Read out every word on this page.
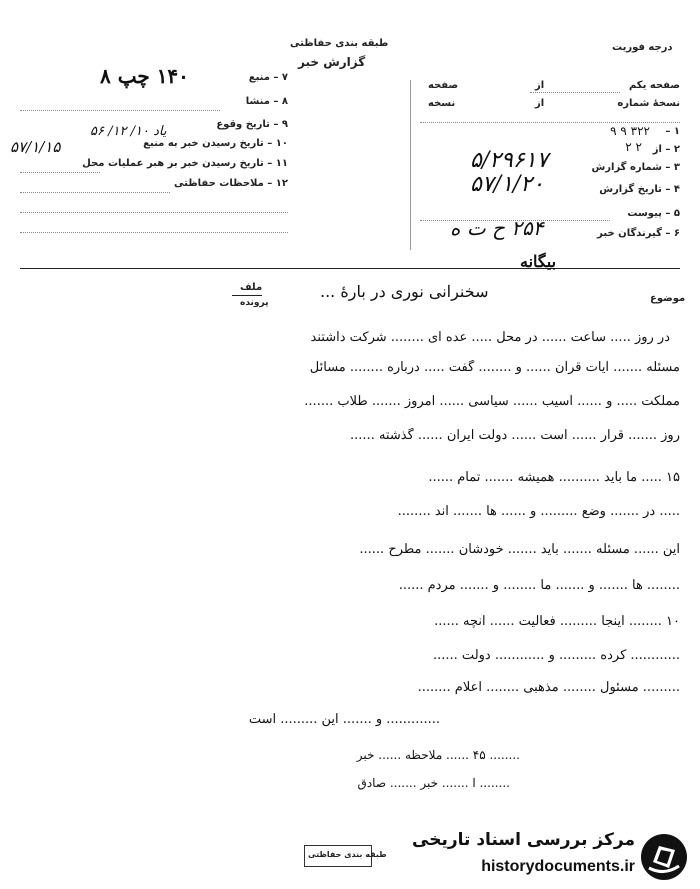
طبقه بندی حفاظتی
گزارش خبر
درجه فوریت
۷ – منبع
۱۴۰ چپ ۸
۸ – منشا
۹ – تاریخ وقوع
یاد ۱۰/ ۱۲/ ۵۶
۱۰ – تاریخ رسیدن خبر به منبع
۵۷/۱/۱۵
۱۱ – تاریخ رسیدن خبر بر هبر عملیات محل
۱۲ – ملاحظات حفاظتی
صفحه یکم
از
صفحه
نسخهٔ شماره
از
نسخه
۱ –
۳۲۲ ۹ ۹
۲ – از
۲ ۲
۳ – شماره گزارش
۵/۲۹۶۱۷
۴ – تاریخ گزارش
۵۷/۱/۲۰
۵ – پیوست
۶ – گیرندگان خبر
۲۵۴ ح ت ه
بیگانه
موضوع
سخنرانی نوری در بارهٔ ...
ملف
پرونده
در روز ..... ساعت ...... در محل ..... عده ای ........ شرکت داشتند
مسئله ....... آیات قرآن ...... و ........ گفت ..... درباره ........ مسائل
مملکت ..... و ...... آسیب ...... سیاسی ...... امروز ....... طلاب .......
روز ....... قرار ...... است ...... دولت ایران ...... گذشته ......
۱۵ ..... ما باید .......... همیشه ....... تمام ......
..... در ....... وضع ......... و ...... ها ....... اند ........
این ...... مسئله ....... باید ....... خودشان ....... مطرح ......
........ ها ....... و ....... ما ........ و ....... مردم ......
۱۰ ........ اینجا ......... فعالیت ...... آنچه ......
............ کرده ......... و ............ دولت ......
......... مسئول ........ مذهبی ........ اعلام ........
............. و ....... این ......... است
........ ۴۵ ...... ملاحظه ...... خبر
........ ا ....... خبر ....... صادق
طبقه بندی حفاظتی
مرکز بررسی اسناد تاریخی
historydocuments.ir
